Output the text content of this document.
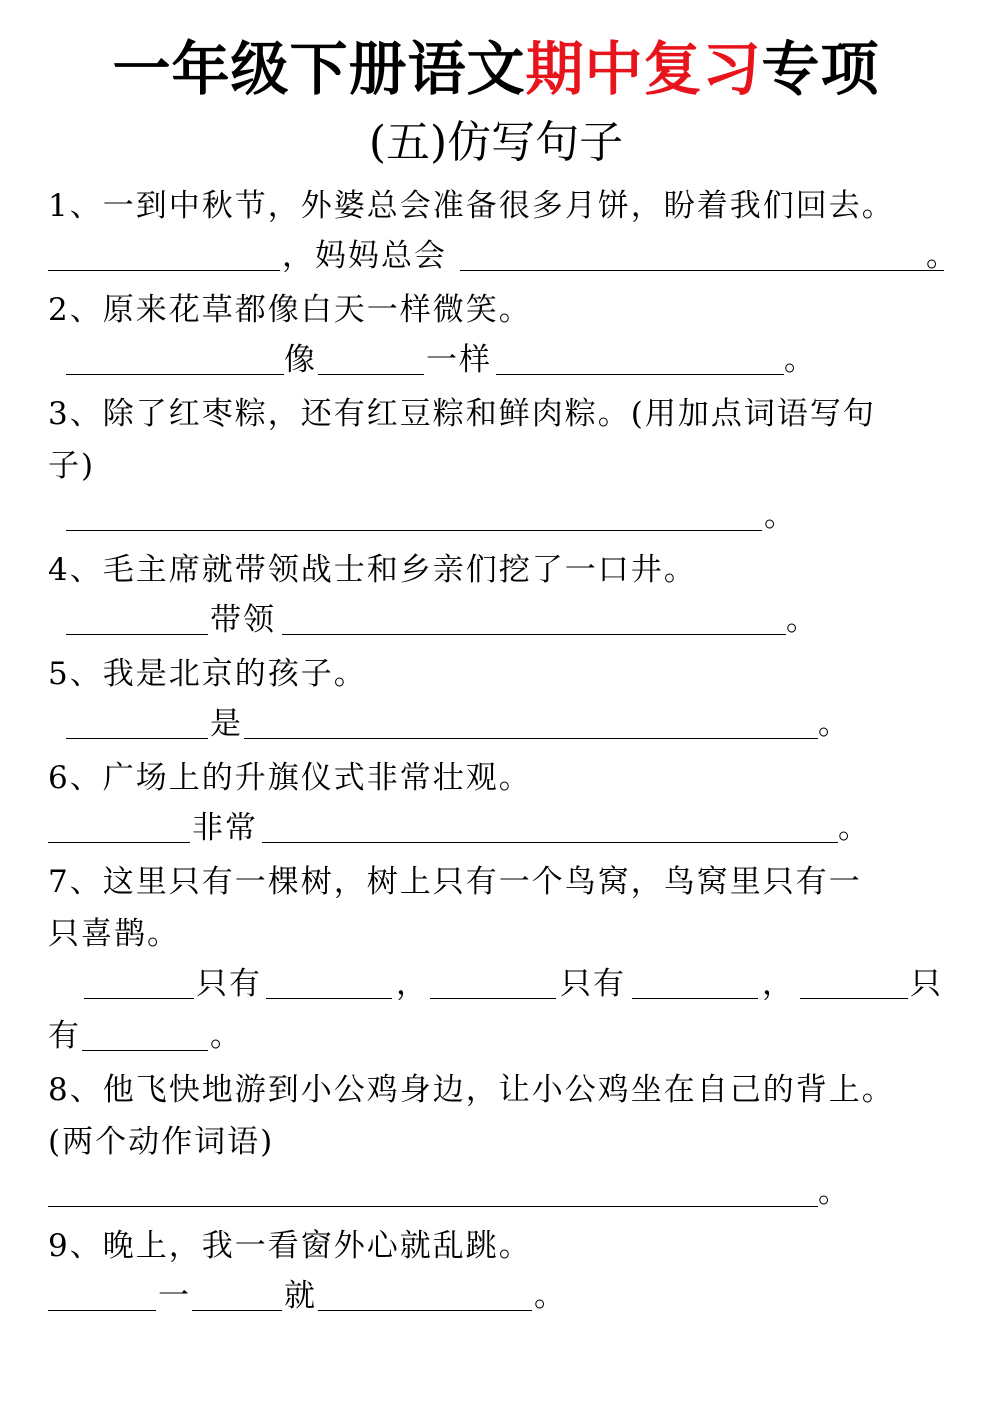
一年级下册语文期中复习专项
(五)仿写句子
1、一到中秋节，外婆总会准备很多月饼，盼着我们回去。
，妈妈总会	。
2、原来花草都像白天一样微笑。
像	一样	。
3、除了红枣粽，还有红豆粽和鲜肉粽。(用加点词语写句
子)
。
4、毛主席就带领战士和乡亲们挖了一口井。
带领	。
5、我是北京的孩子。
是	。
6、广场上的升旗仪式非常壮观。
非常	。
7、这里只有一棵树，树上只有一个鸟窝，鸟窝里只有一
只喜鹊。
只有	，	只有	，	只
有	。
8、他飞快地游到小公鸡身边，让小公鸡坐在自己的背上。
(两个动作词语)
。
9、晚上，我一看窗外心就乱跳。
一	就	。
